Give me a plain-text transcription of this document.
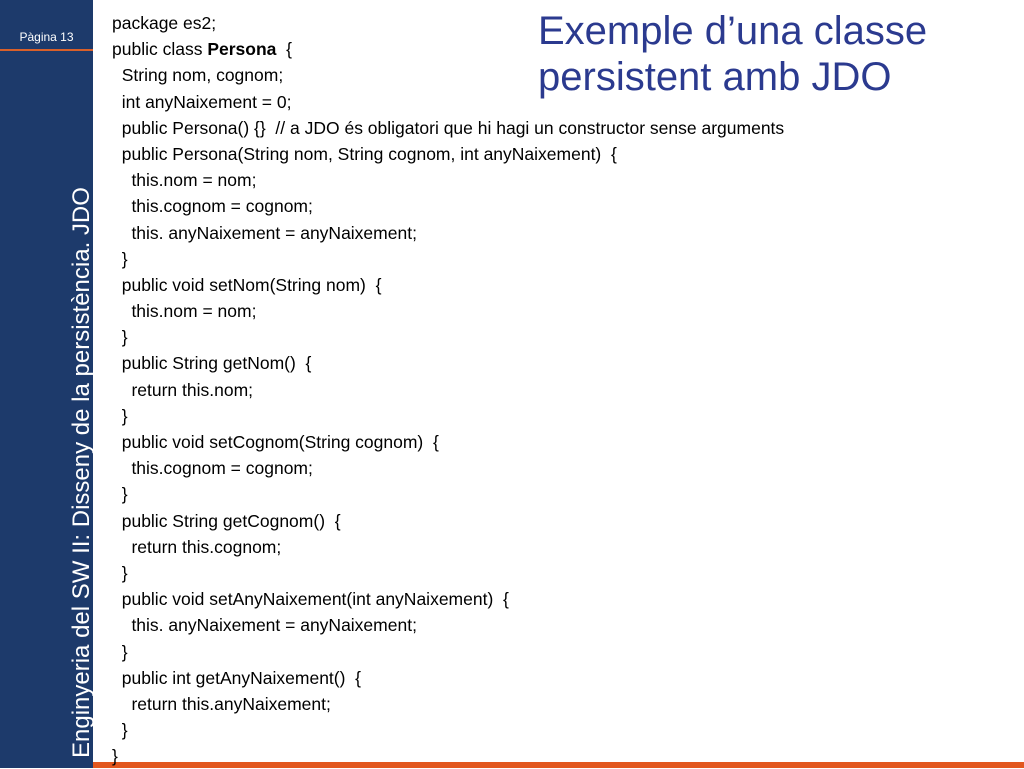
Pàgina 13
Enginyeria del SW II: Disseny de la persistència. JDO
Exemple d’una classe
persistent amb JDO
package es2;
public class Persona  {
String nom, cognom;
int anyNaixement = 0;
public Persona() {}  // a JDO és obligatori que hi hagi un constructor sense arguments
public Persona(String nom, String cognom, int anyNaixement)  {
this.nom = nom;
this.cognom = cognom;
this. anyNaixement = anyNaixement;
}
public void setNom(String nom)  {
this.nom = nom;
}
public String getNom()  {
return this.nom;
}
public void setCognom(String cognom)  {
this.cognom = cognom;
}
public String getCognom()  {
return this.cognom;
}
public void setAnyNaixement(int anyNaixement)  {
this. anyNaixement = anyNaixement;
}
public int getAnyNaixement()  {
return this.anyNaixement;
}
}
